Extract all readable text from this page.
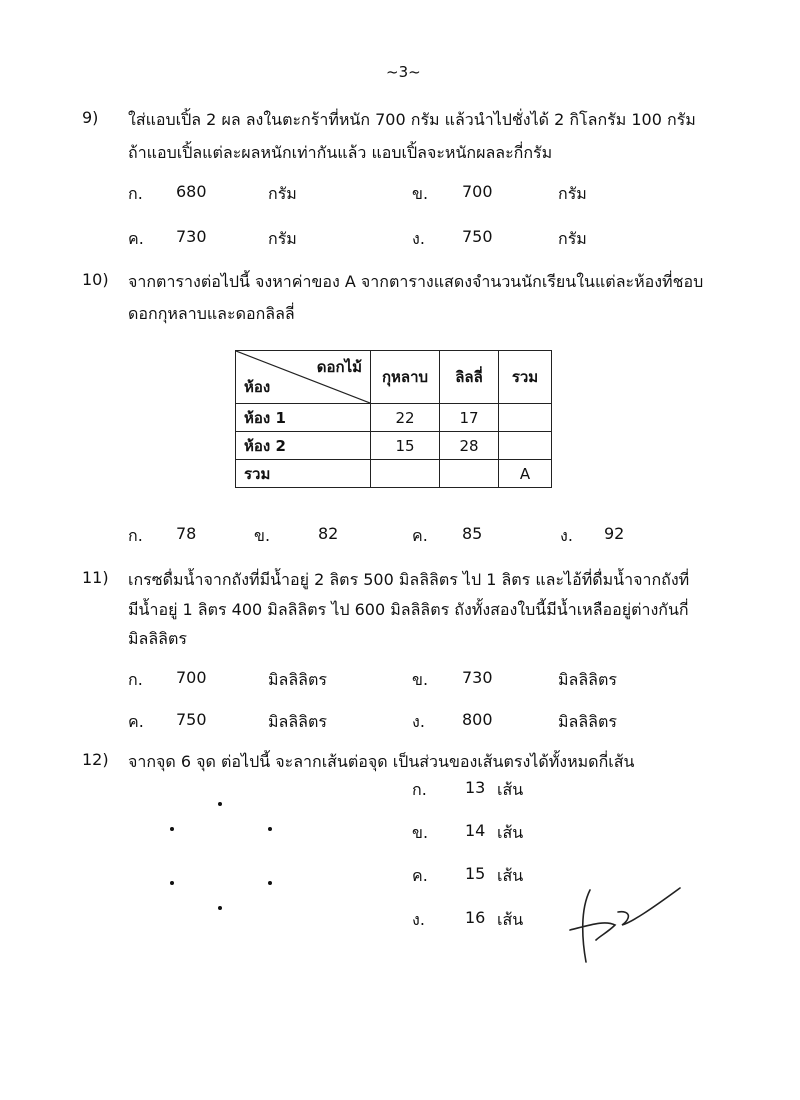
~3~
9) ใส่แอบเปิ้ล 2 ผล ลงในตะกร้าที่หนัก 700 กรัม แล้วนำไปชั่งได้ 2 กิโลกรัม 100 กรัม
ถ้าแอบเปิ้ลแต่ละผลหนักเท่ากันแล้ว แอบเปิ้ลจะหนักผลละกี่กรัม
ก. 680	กรัม	ข. 700	กรัม
ค. 730	กรัม	ง. 750	กรัม
10) จากตารางต่อไปนี้ จงหาค่าของ A จากตารางแสดงจำนวนนักเรียนในแต่ละห้องที่ชอบ
ดอกกุหลาบและดอกลิลลี่
ดอกไม้
ห้อง	กุหลาบ	ลิลลี่	รวม
ห้อง 1	22	17	
ห้อง 2	15	28	
รวม			A
ก. 78	ข.	82	ค. 85	ง. 92
11) เกรซดื่มน้ำจากถังที่มีน้ำอยู่ 2 ลิตร 500 มิลลิลิตร ไป 1 ลิตร และไอ้ที่ดื่มน้ำจากถังที่
มีน้ำอยู่ 1 ลิตร 400 มิลลิลิตร ไป 600 มิลลิลิตร ถังทั้งสองใบนี้มีน้ำเหลืออยู่ต่างกันกี่
มิลลิลิตร
ก. 700	มิลลิลิตร	ข. 730	มิลลิลิตร
ค. 750	มิลลิลิตร	ง. 800	มิลลิลิตร
12) จากจุด 6 จุด ต่อไปนี้ จะลากเส้นต่อจุด เป็นส่วนของเส้นตรงได้ทั้งหมดกี่เส้น
ก. 13 เส้น
ข. 14 เส้น
ค. 15 เส้น
ง.	16 เส้น
